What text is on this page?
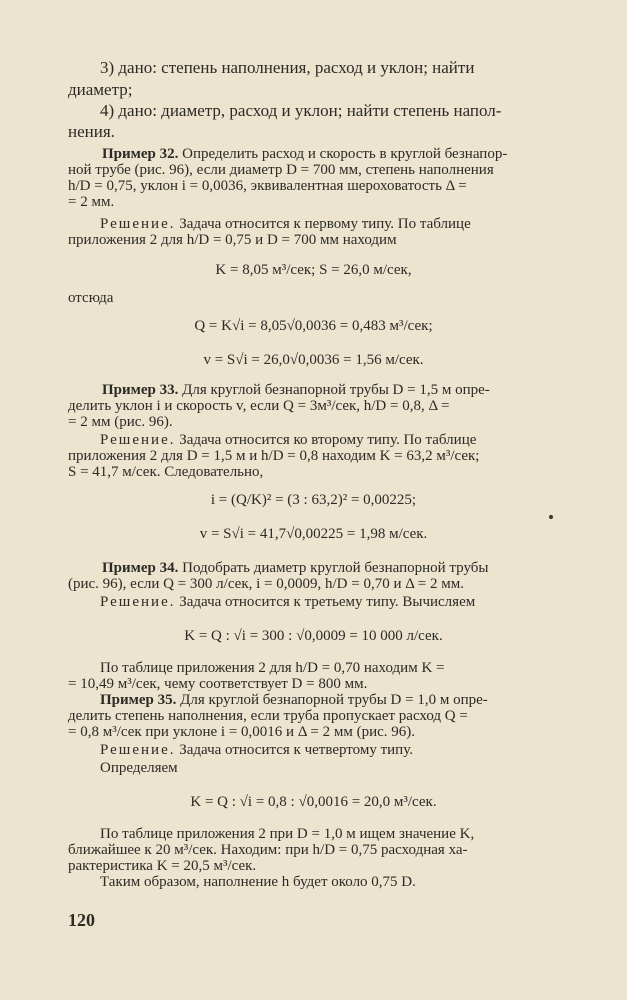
3) дано: степень наполнения, расход и уклон; найти
диаметр;
4) дано: диаметр, расход и уклон; найти степень напол-
нения.
Пример 32. Определить расход и скорость в круглой безнапор-
ной трубе (рис. 96), если диаметр D = 700 мм, степень наполнения
h/D = 0,75, уклон i = 0,0036, эквивалентная шероховатость Δ =
= 2 мм.
Решение. Задача относится к первому типу. По таблице
приложения 2 для h/D = 0,75 и D = 700 мм находим
K = 8,05 м³/сек; S = 26,0 м/сек,
отсюда
Q = K√i = 8,05√0,0036 = 0,483 м³/сек;
v = S√i = 26,0√0,0036 = 1,56 м/сек.
Пример 33. Для круглой безнапорной трубы D = 1,5 м опре-
делить уклон i и скорость v, если Q = 3м³/сек, h/D = 0,8, Δ =
= 2 мм (рис. 96).
Решение. Задача относится ко второму типу. По таблице
приложения 2 для D = 1,5 м и h/D = 0,8 находим K = 63,2 м³/сек;
S = 41,7 м/сек. Следовательно,
i = (Q/K)² = (3 : 63,2)² = 0,00225;
v = S√i = 41,7√0,00225 = 1,98 м/сек.
Пример 34. Подобрать диаметр круглой безнапорной трубы
(рис. 96), если Q = 300 л/сек, i = 0,0009, h/D = 0,70 и Δ = 2 мм.
Решение. Задача относится к третьему типу. Вычисляем
K = Q : √i = 300 : √0,0009 = 10 000 л/сек.
По таблице приложения 2 для h/D = 0,70 находим K =
= 10,49 м³/сек, чему соответствует D = 800 мм.
Пример 35. Для круглой безнапорной трубы D = 1,0 м опре-
делить степень наполнения, если труба пропускает расход Q =
= 0,8 м³/сек при уклоне i = 0,0016 и Δ = 2 мм (рис. 96).
Решение. Задача относится к четвертому типу.
Определяем
K = Q : √i = 0,8 : √0,0016 = 20,0 м³/сек.
По таблице приложения 2 при D = 1,0 м ищем значение K,
ближайшее к 20 м³/сек. Находим: при h/D = 0,75 расходная ха-
рактеристика K = 20,5 м³/сек.
Таким образом, наполнение h будет около 0,75 D.
120
